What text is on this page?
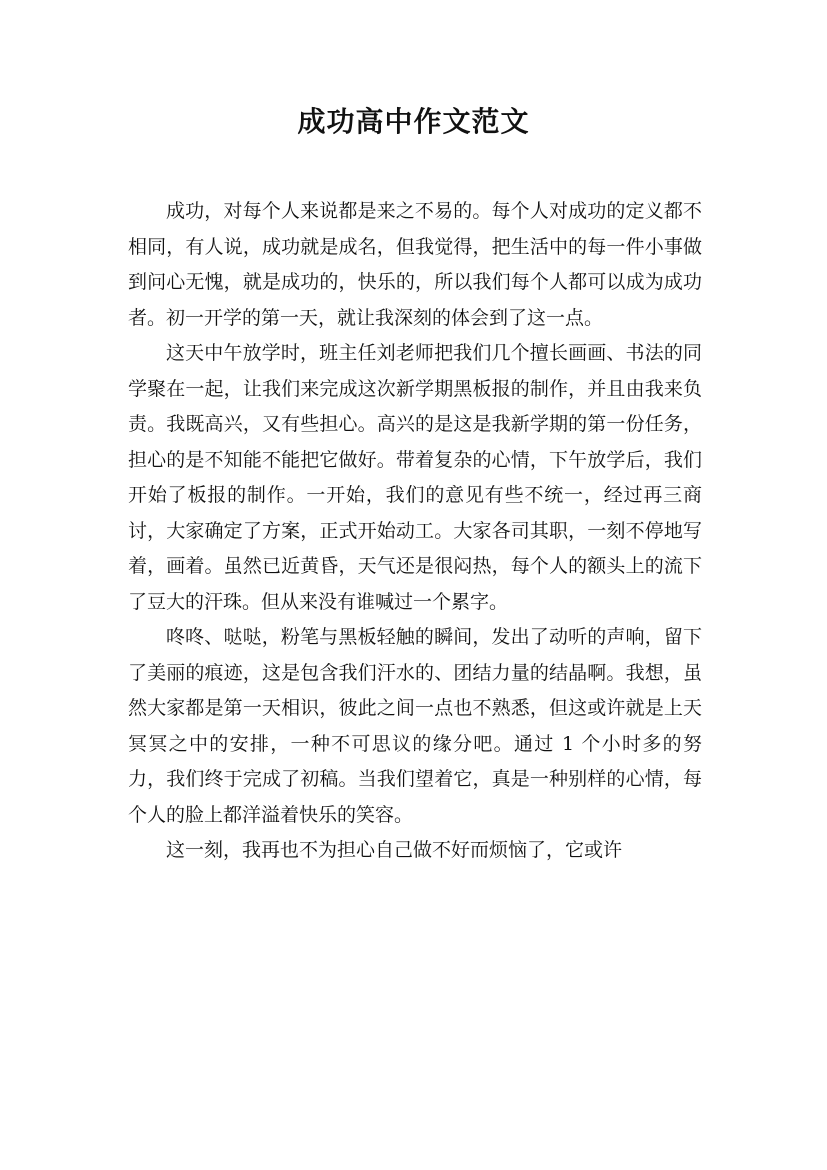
成功高中作文范文

成功，对每个人来说都是来之不易的。每个人对成功的定义都不相同，有人说，成功就是成名，但我觉得，把生活中的每一件小事做到问心无愧，就是成功的，快乐的，所以我们每个人都可以成为成功者。初一开学的第一天，就让我深刻的体会到了这一点。

这天中午放学时，班主任刘老师把我们几个擅长画画、书法的同学聚在一起，让我们来完成这次新学期黑板报的制作，并且由我来负责。我既高兴，又有些担心。高兴的是这是我新学期的第一份任务，担心的是不知能不能把它做好。带着复杂的心情，下午放学后，我们开始了板报的制作。一开始，我们的意见有些不统一，经过再三商讨，大家确定了方案，正式开始动工。大家各司其职，一刻不停地写着，画着。虽然已近黄昏，天气还是很闷热，每个人的额头上的流下了豆大的汗珠。但从来没有谁喊过一个累字。

咚咚、哒哒，粉笔与黑板轻触的瞬间，发出了动听的声响，留下了美丽的痕迹，这是包含我们汗水的、团结力量的结晶啊。我想，虽然大家都是第一天相识，彼此之间一点也不熟悉，但这或许就是上天冥冥之中的安排，一种不可思议的缘分吧。通过 1 个小时多的努力，我们终于完成了初稿。当我们望着它，真是一种别样的心情，每个人的脸上都洋溢着快乐的笑容。

这一刻，我再也不为担心自己做不好而烦恼了，它或许
